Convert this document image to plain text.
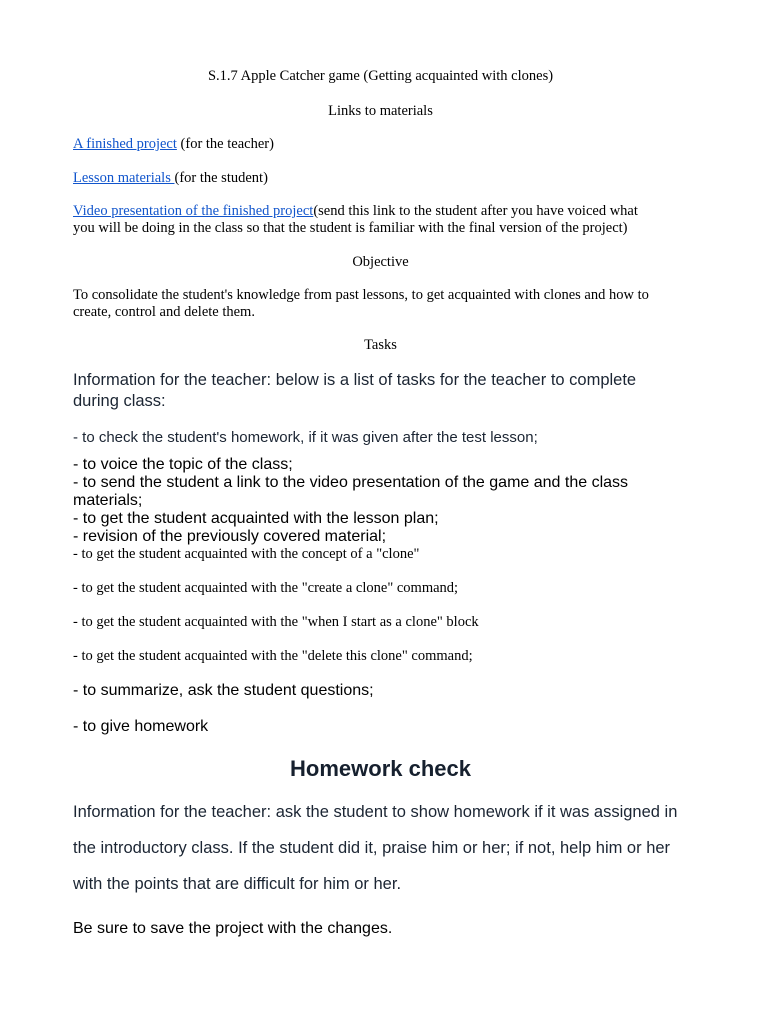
S.1.7 Apple Catcher game (Getting acquainted with clones)

Links to materials

A finished project (for the teacher)

Lesson materials (for the student)

Video presentation of the finished project(send this link to the student after you have voiced what

you will be doing in the class so that the student is familiar with the final version of the project)

Objective

To consolidate the student's knowledge from past lessons, to get acquainted with clones and how to

create, control and delete them.

Tasks

Information for the teacher: below is a list of tasks for the teacher to complete

during class:

- to check the student's homework, if it was given after the test lesson;

- to voice the topic of the class;

- to send the student a link to the video presentation of the game and the class

materials;

- to get the student acquainted with the lesson plan;

- revision of the previously covered material;

- to get the student acquainted with the concept of a "clone"

- to get the student acquainted with the "create a clone" command;

- to get the student acquainted with the "when I start as a clone" block

- to get the student acquainted with the "delete this clone" command;

- to summarize, ask the student questions;

- to give homework

Homework check

Information for the teacher: ask the student to show homework if it was assigned in

the introductory class. If the student did it, praise him or her; if not, help him or her

with the points that are difficult for him or her.

Be sure to save the project with the changes.
